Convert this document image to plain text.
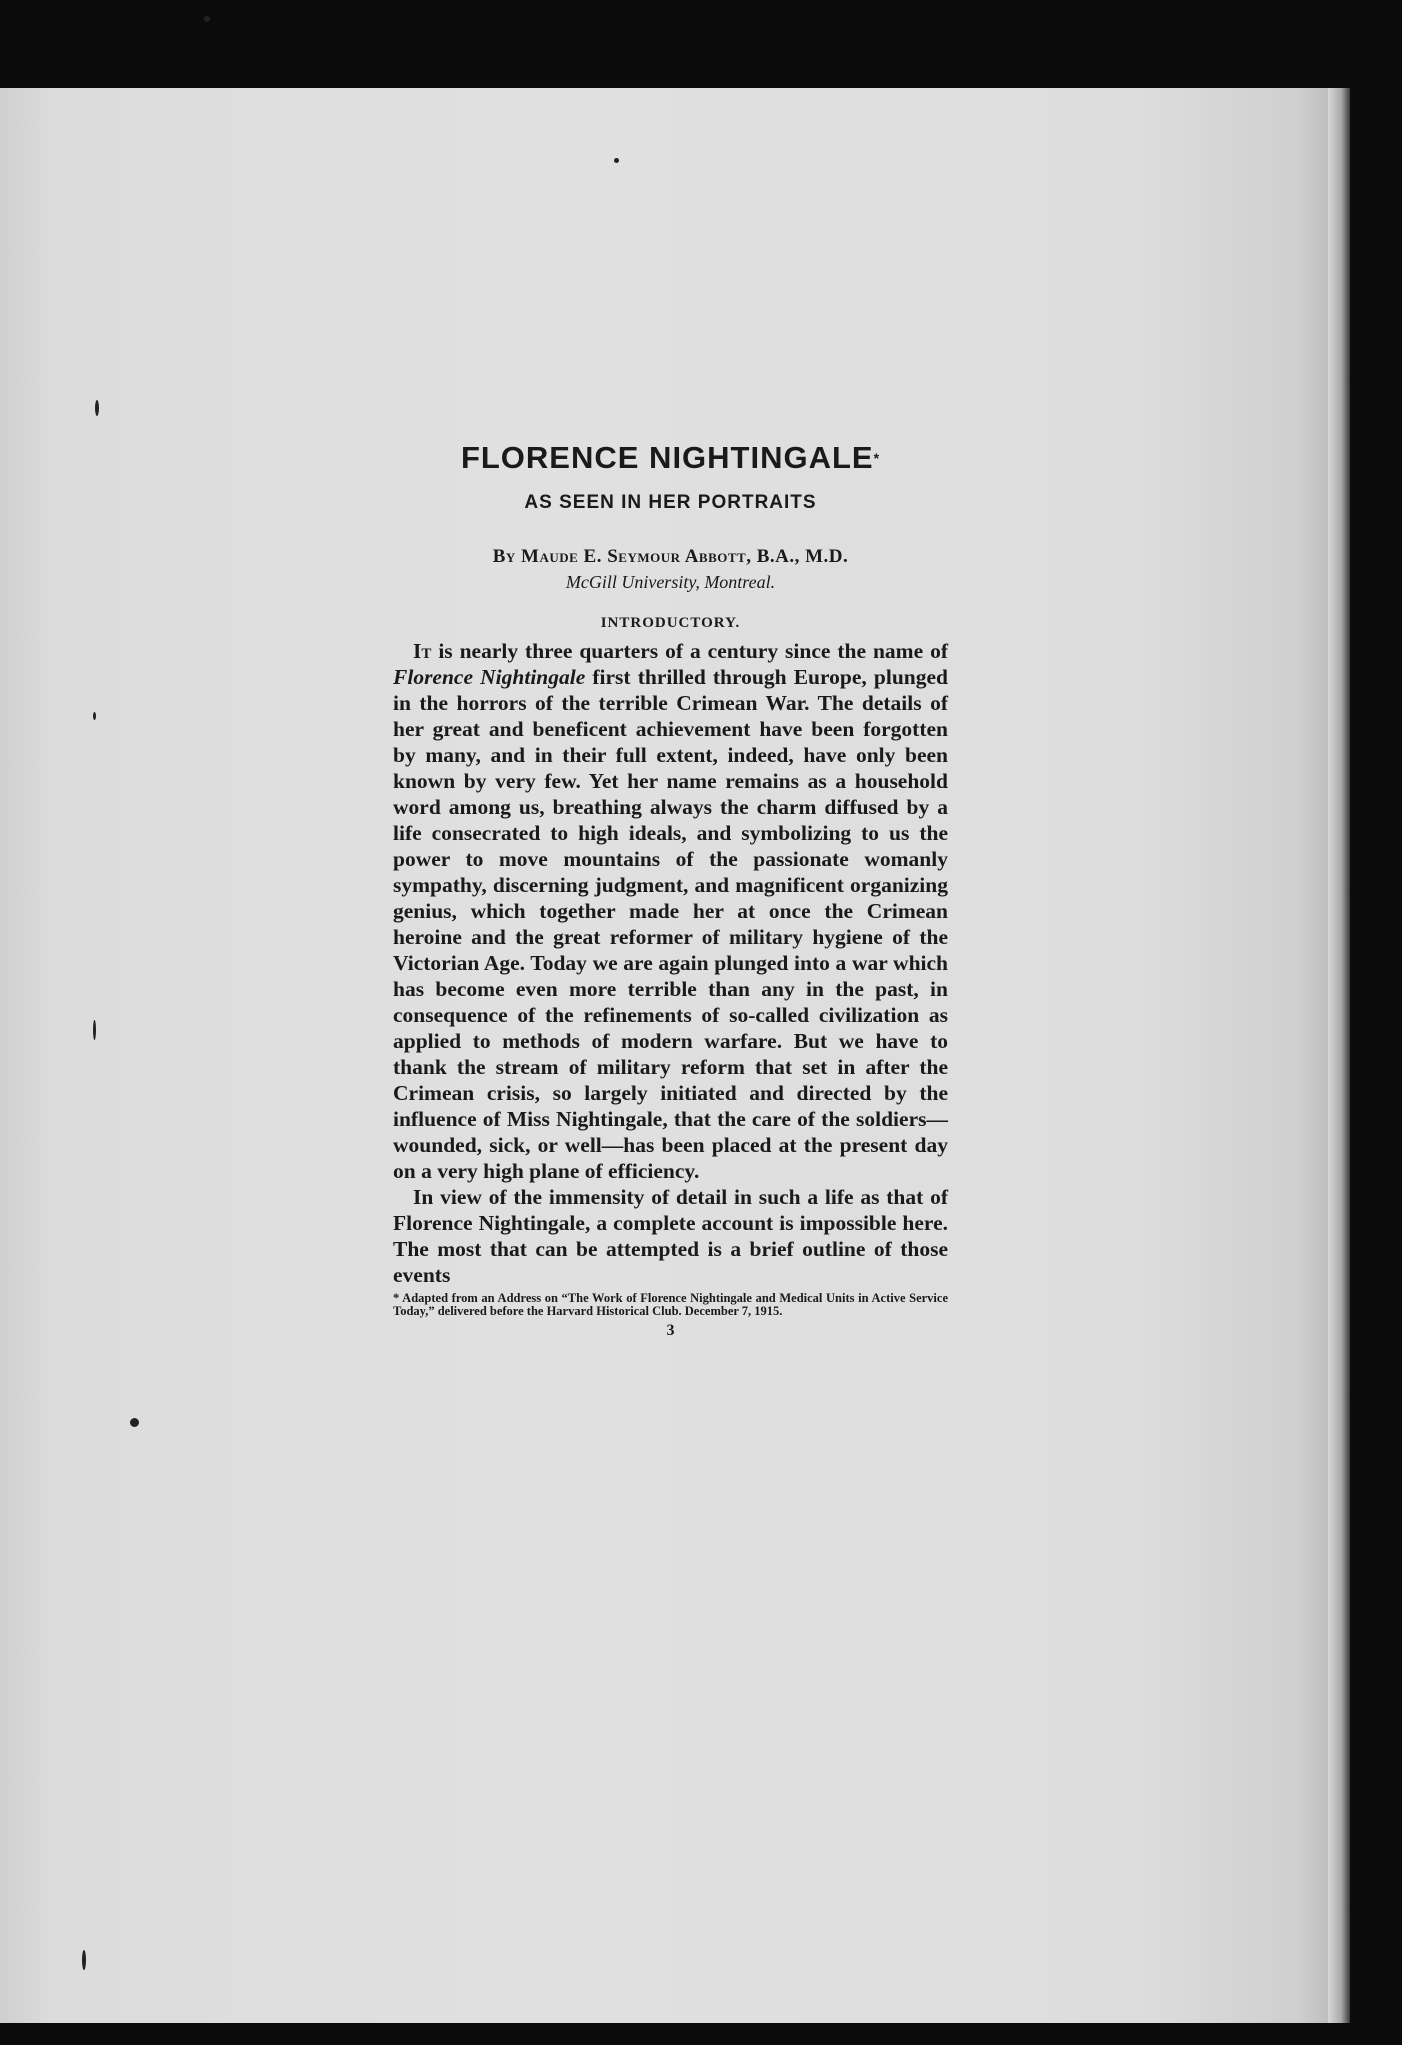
FLORENCE NIGHTINGALE*
AS SEEN IN HER PORTRAITS
By Maude E. Seymour Abbott, B.A., M.D.
McGill University, Montreal.
INTRODUCTORY.

It is nearly three quarters of a century since the name of Florence Nightingale first thrilled through Europe, plunged in the horrors of the terrible Crimean War. The details of her great and beneficent achievement have been forgotten by many, and in their full extent, indeed, have only been known by very few. Yet her name remains as a household word among us, breathing always the charm diffused by a life consecrated to high ideals, and symbolizing to us the power to move mountains of the passionate womanly sympathy, discerning judgment, and magnificent organizing genius, which together made her at once the Crimean heroine and the great reformer of military hygiene of the Victorian Age. Today we are again plunged into a war which has become even more terrible than any in the past, in consequence of the refinements of so-called civilization as applied to methods of modern warfare. But we have to thank the stream of military reform that set in after the Crimean crisis, so largely initiated and directed by the influence of Miss Nightingale, that the care of the soldiers—wounded, sick, or well—has been placed at the present day on a very high plane of efficiency.

In view of the immensity of detail in such a life as that of Florence Nightingale, a complete account is impossible here. The most that can be attempted is a brief outline of those events

* Adapted from an Address on “The Work of Florence Nightingale and Medical Units in Active Service Today,” delivered before the Harvard Historical Club. December 7, 1915.
3
